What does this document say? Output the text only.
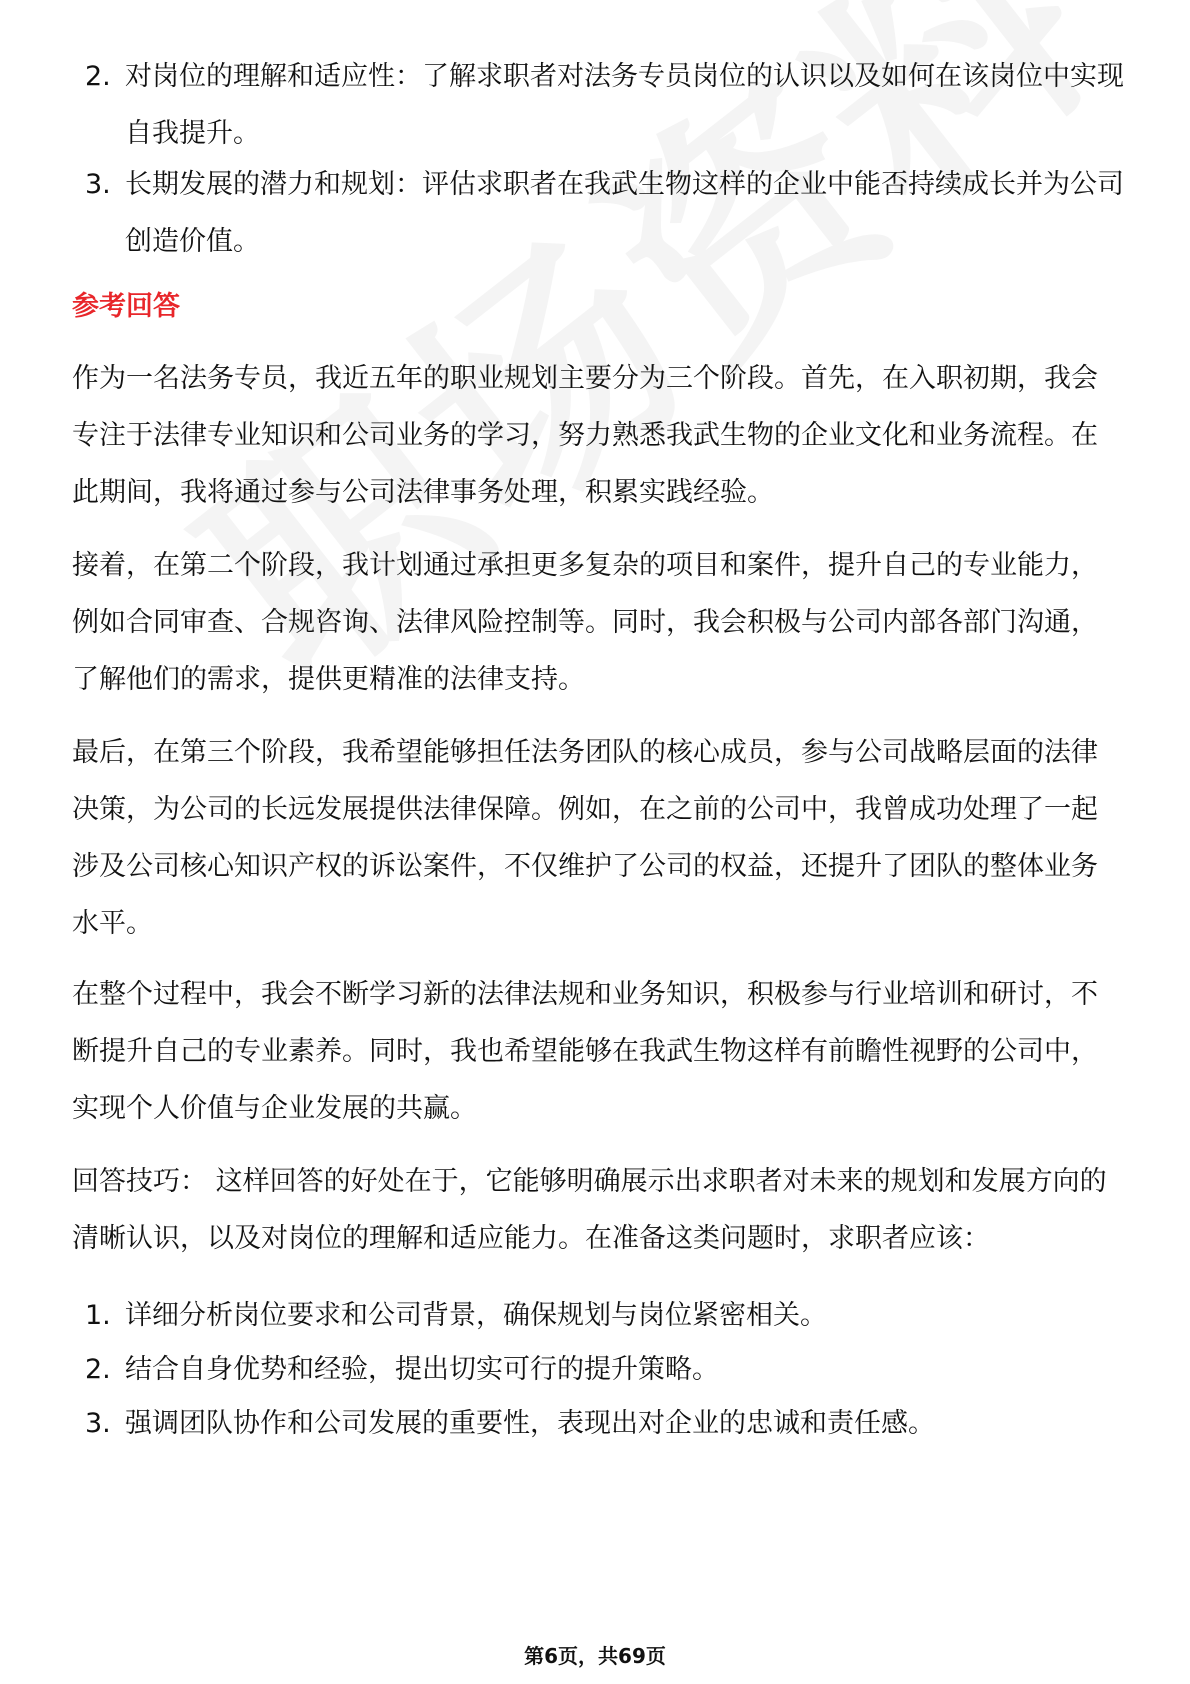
2. 对岗位的理解和适应性：了解求职者对法务专员岗位的认识以及如何在该岗位中实现自我提升。
3. 长期发展的潜力和规划：评估求职者在我武生物这样的企业中能否持续成长并为公司创造价值。
参考回答
作为一名法务专员，我近五年的职业规划主要分为三个阶段。首先，在入职初期，我会专注于法律专业知识和公司业务的学习，努力熟悉我武生物的企业文化和业务流程。在此期间，我将通过参与公司法律事务处理，积累实践经验。
接着，在第二个阶段，我计划通过承担更多复杂的项目和案件，提升自己的专业能力，例如合同审查、合规咨询、法律风险控制等。同时，我会积极与公司内部各部门沟通，了解他们的需求，提供更精准的法律支持。
最后，在第三个阶段，我希望能够担任法务团队的核心成员，参与公司战略层面的法律决策，为公司的长远发展提供法律保障。例如，在之前的公司中，我曾成功处理了一起涉及公司核心知识产权的诉讼案件，不仅维护了公司的权益，还提升了团队的整体业务水平。
在整个过程中，我会不断学习新的法律法规和业务知识，积极参与行业培训和研讨，不断提升自己的专业素养。同时，我也希望能够在我武生物这样有前瞻性视野的公司中，实现个人价值与企业发展的共赢。
回答技巧： 这样回答的好处在于，它能够明确展示出求职者对未来的规划和发展方向的清晰认识，以及对岗位的理解和适应能力。在准备这类问题时，求职者应该：
1. 详细分析岗位要求和公司背景，确保规划与岗位紧密相关。
2. 结合自身优势和经验，提出切实可行的提升策略。
3. 强调团队协作和公司发展的重要性，表现出对企业的忠诚和责任感。
第6页，共69页
